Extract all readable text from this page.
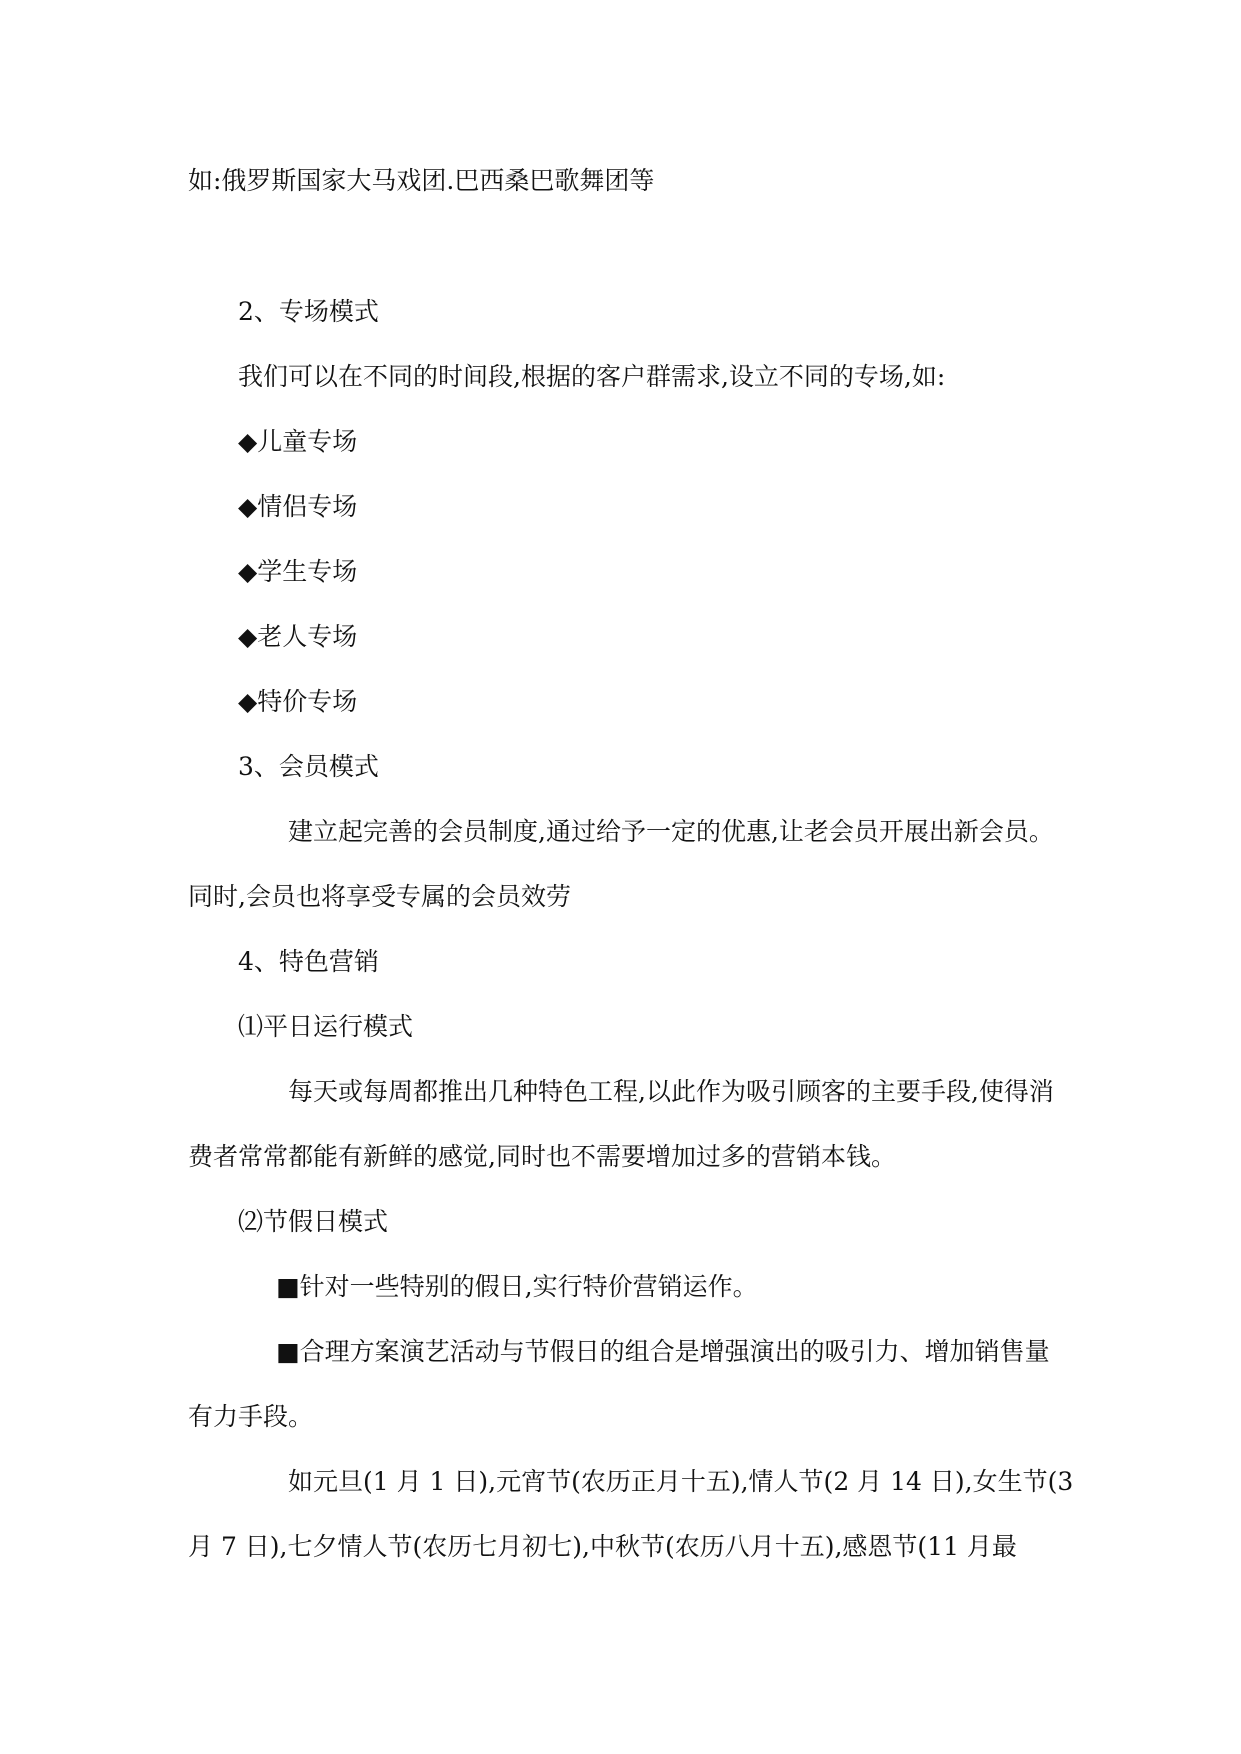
如:俄罗斯国家大马戏团.巴西桑巴歌舞团等
2、专场模式
我们可以在不同的时间段,根据的客户群需求,设立不同的专场,如:
◆儿童专场
◆情侣专场
◆学生专场
◆老人专场
◆特价专场
3、会员模式
建立起完善的会员制度,通过给予一定的优惠,让老会员开展出新会员。
同时,会员也将享受专属的会员效劳
4、特色营销
⑴平日运行模式
每天或每周都推出几种特色工程,以此作为吸引顾客的主要手段,使得消
费者常常都能有新鲜的感觉,同时也不需要增加过多的营销本钱。
⑵节假日模式
■针对一些特别的假日,实行特价营销运作。
■合理方案演艺活动与节假日的组合是增强演出的吸引力、增加销售量
有力手段。
如元旦(1 月 1 日),元宵节(农历正月十五),情人节(2 月 14 日),女生节(3
月 7 日),七夕情人节(农历七月初七),中秋节(农历八月十五),感恩节(11 月最
